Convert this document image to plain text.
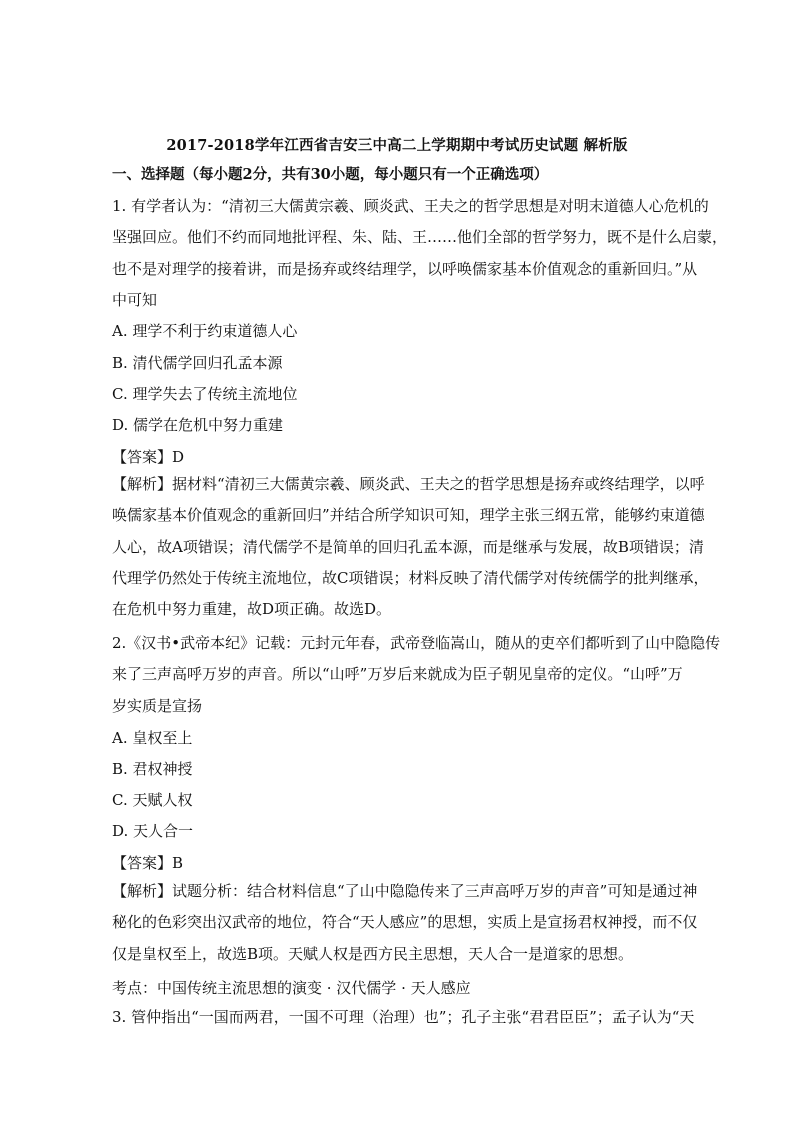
2017-2018学年江西省吉安三中高二上学期期中考试历史试题 解析版
一、选择题（每小题2分，共有30小题，每小题只有一个正确选项）
1. 有学者认为：“清初三大儒黄宗羲、顾炎武、王夫之的哲学思想是对明末道德人心危机的
坚强回应。他们不约而同地批评程、朱、陆、王……他们全部的哲学努力，既不是什么启蒙，
也不是对理学的接着讲，而是扬弃或终结理学，以呼唤儒家基本价值观念的重新回归。”从
中可知
A. 理学不利于约束道德人心
B. 清代儒学回归孔孟本源
C. 理学失去了传统主流地位
D. 儒学在危机中努力重建
【答案】D
【解析】据材料“清初三大儒黄宗羲、顾炎武、王夫之的哲学思想是扬弃或终结理学，以呼
唤儒家基本价值观念的重新回归”并结合所学知识可知，理学主张三纲五常，能够约束道德
人心，故A项错误；清代儒学不是简单的回归孔孟本源，而是继承与发展，故B项错误；清
代理学仍然处于传统主流地位，故C项错误；材料反映了清代儒学对传统儒学的批判继承，
在危机中努力重建，故D项正确。故选D。
2.《汉书•武帝本纪》记载：元封元年春，武帝登临嵩山，随从的吏卒们都听到了山中隐隐传
来了三声高呼万岁的声音。所以“山呼”万岁后来就成为臣子朝见皇帝的定仪。“山呼”万
岁实质是宣扬
A. 皇权至上
B. 君权神授
C. 天赋人权
D. 天人合一
【答案】B
【解析】试题分析：结合材料信息“了山中隐隐传来了三声高呼万岁的声音”可知是通过神
秘化的色彩突出汉武帝的地位，符合“天人感应”的思想，实质上是宣扬君权神授，而不仅
仅是皇权至上，故选B项。天赋人权是西方民主思想，天人合一是道家的思想。
考点：中国传统主流思想的演变 · 汉代儒学 · 天人感应
3. 管仲指出“一国而两君，一国不可理（治理）也”；孔子主张“君君臣臣”；孟子认为“天
